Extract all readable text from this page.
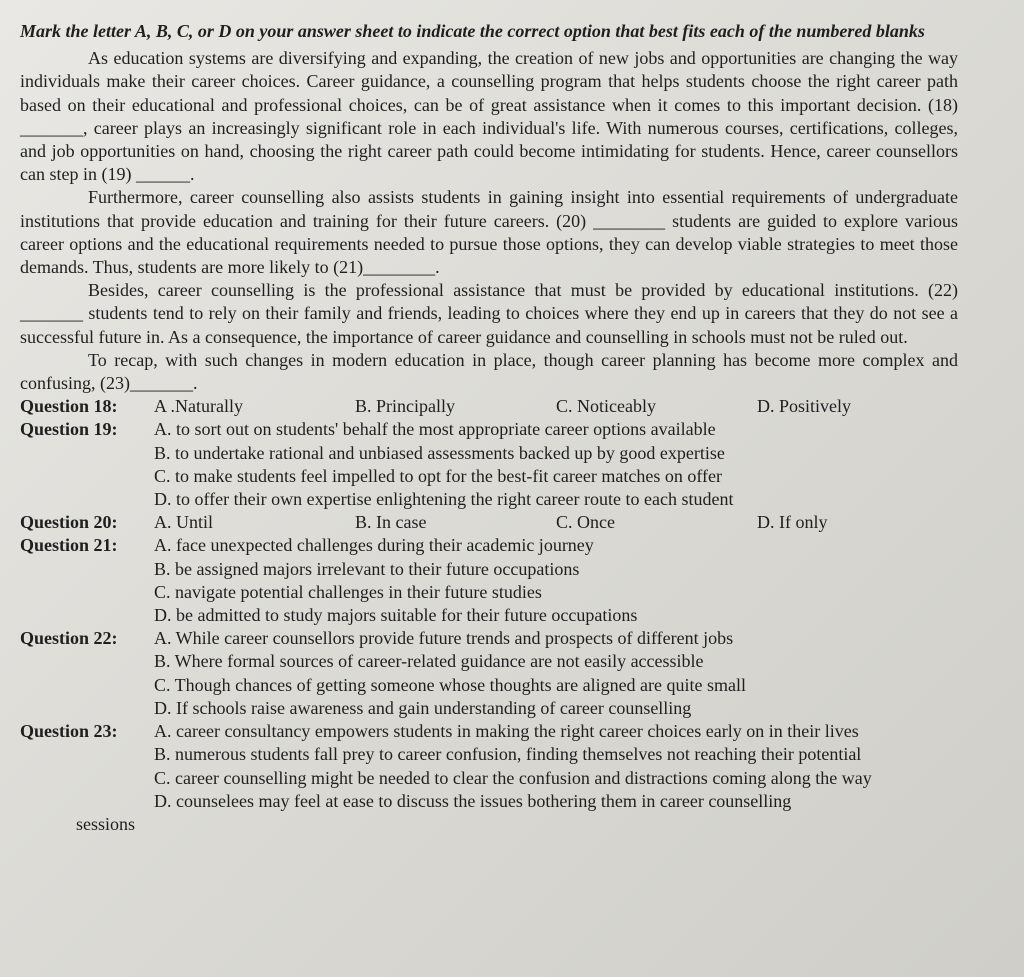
Mark the letter A, B, C, or D on your answer sheet to indicate the correct option that best fits each of the numbered blanks

As education systems are diversifying and expanding, the creation of new jobs and opportunities are changing the way individuals make their career choices. Career guidance, a counselling program that helps students choose the right career path based on their educational and professional choices, can be of great assistance when it comes to this important decision. (18) _______, career plays an increasingly significant role in each individual's life. With numerous courses, certifications, colleges, and job opportunities on hand, choosing the right career path could become intimidating for students. Hence, career counsellors can step in (19) ______.

Furthermore, career counselling also assists students in gaining insight into essential requirements of undergraduate institutions that provide education and training for their future careers. (20) ________ students are guided to explore various career options and the educational requirements needed to pursue those options, they can develop viable strategies to meet those demands. Thus, students are more likely to (21)________.

Besides, career counselling is the professional assistance that must be provided by educational institutions. (22) _______ students tend to rely on their family and friends, leading to choices where they end up in careers that they do not see a successful future in. As a consequence, the importance of career guidance and counselling in schools must not be ruled out.

To recap, with such changes in modern education in place, though career planning has become more complex and confusing, (23)_______.

Question 18:	A .Naturally	B. Principally	C. Noticeably	D. Positively
Question 19:	A. to sort out on students' behalf the most appropriate career options available
B. to undertake rational and unbiased assessments backed up by good expertise
C. to make students feel impelled to opt for the best-fit career matches on offer
D. to offer their own expertise enlightening the right career route to each student
Question 20:	A. Until	B. In case	C. Once	D. If only
Question 21:	A. face unexpected challenges during their academic journey
B. be assigned majors irrelevant to their future occupations
C. navigate potential challenges in their future studies
D. be admitted to study majors suitable for their future occupations
Question 22:	A. While career counsellors provide future trends and prospects of different jobs
B. Where formal sources of career-related guidance are not easily accessible
C. Though chances of getting someone whose thoughts are aligned are quite small
D. If schools raise awareness and gain understanding of career counselling
Question 23:	A. career consultancy empowers students in making the right career choices early on in their lives
B. numerous students fall prey to career confusion, finding themselves not reaching their potential
C. career counselling might be needed to clear the confusion and distractions coming along the way
D. counselees may feel at ease to discuss the issues bothering them in career counselling
sessions
